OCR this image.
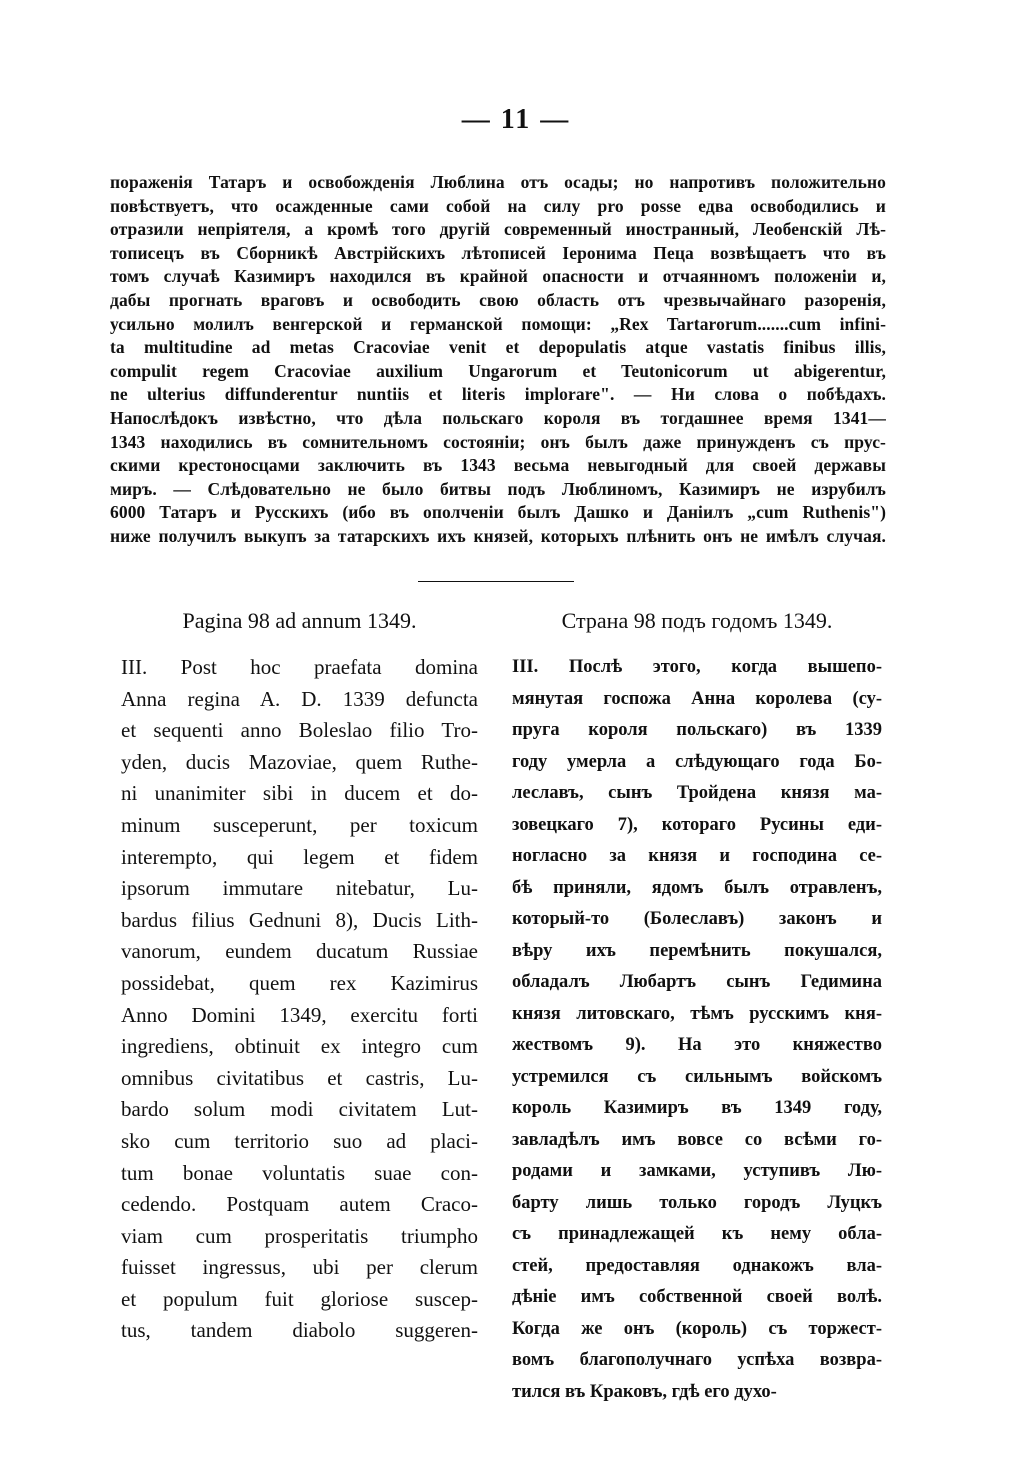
— 11 —
пораженія Татаръ и освобожденія Люблина отъ осады; но напротивъ положительно
повѣствуетъ, что осажденные сами собой на силу pro posse едва освободились и
отразили непріятеля, а кромѣ того другій современный иностранный, Леобенскій Лѣ-
тописецъ въ Сборникѣ Австрійскихъ лѣтописей Іеронима Пеца возвѣщаетъ что въ
томъ случаѣ Казимиръ находился въ крайной опасности и отчаянномъ положеніи и,
дабы прогнать враговъ и освободить свою область отъ чрезвычайнаго разоренія,
усильно молилъ венгерской и германской помощи: „Rex Tartarorum.......cum infini-
ta multitudine ad metas Cracoviae venit et depopulatis atque vastatis finibus illis,
compulit regem Cracoviae auxilium Ungarorum et Teutonicorum ut abigerentur,
ne ulterius diffunderentur nuntiis et literis implorare". — Ни слова о побѣдахъ.
Напослѣдокъ извѣстно, что дѣла польскаго короля въ тогдашнее время 1341—
1343 находились въ сомнительномъ состояніи; онъ былъ даже принужденъ съ прус-
скими крестоносцами заключить въ 1343 весьма невыгодный для своей державы
миръ. — Слѣдовательно не было битвы подъ Люблиномъ, Казимиръ не изрубилъ
6000 Татаръ и Русскихъ (ибо въ ополченіи былъ Дашко и Даніилъ „cum Ruthenis")
ниже получилъ выкупъ за татарскихъ ихъ князей, которыхъ плѣнить онъ не имѣлъ случая.
Pagina 98 ad annum 1349.
III. Post hoc praefata domina
Anna regina A. D. 1339 defuncta
et sequenti anno Boleslao filio Tro-
yden, ducis Mazoviae, quem Ruthe-
ni unanimiter sibi in ducem et do-
minum susceperunt, per toxicum
interempto, qui legem et fidem
ipsorum immutare nitebatur, Lu-
bardus filius Gednuni 8), Ducis Lith-
vanorum, eundem ducatum Russiae
possidebat, quem rex Kazimirus
Anno Domini 1349, exercitu forti
ingrediens, obtinuit ex integro cum
omnibus civitatibus et castris, Lu-
bardo solum modi civitatem Lut-
sko cum territorio suo ad placi-
tum bonae voluntatis suae con-
cedendo. Postquam autem Craco-
viam cum prosperitatis triumpho
fuisset ingressus, ubi per clerum
et populum fuit gloriose suscep-
tus, tandem diabolo suggeren-
Страна 98 подъ годомъ 1349.
III. Послѣ этого, когда вышепо-
мянутая госпожа Анна королева (су-
пруга короля польскаго) въ 1339
году умерла а слѣдующаго года Бо-
леславъ, сынъ Тройдена князя ма-
зовецкаго 7), котораго Русины еди-
ногласно за князя и господина се-
бѣ приняли, ядомъ былъ отравленъ,
который-то (Болеславъ) законъ и
вѣру ихъ перемѣнить покушался,
обладалъ Любартъ сынъ Гедимина
князя литовскаго, тѣмъ русскимъ кня-
жествомъ 9). На это княжество
устремился съ сильнымъ войскомъ
король Казимиръ въ 1349 году,
завладѣлъ имъ вовсе со всѣми го-
родами и замками, уступивъ Лю-
барту лишь только городъ Луцкъ
съ принадлежащей къ нему обла-
стей, предоставляя однакожъ вла-
дѣніе имъ собственной своей волѣ.
Когда же онъ (король) съ торжест-
вомъ благополучнаго успѣха возвра-
тился въ Краковъ, гдѣ его духо-
